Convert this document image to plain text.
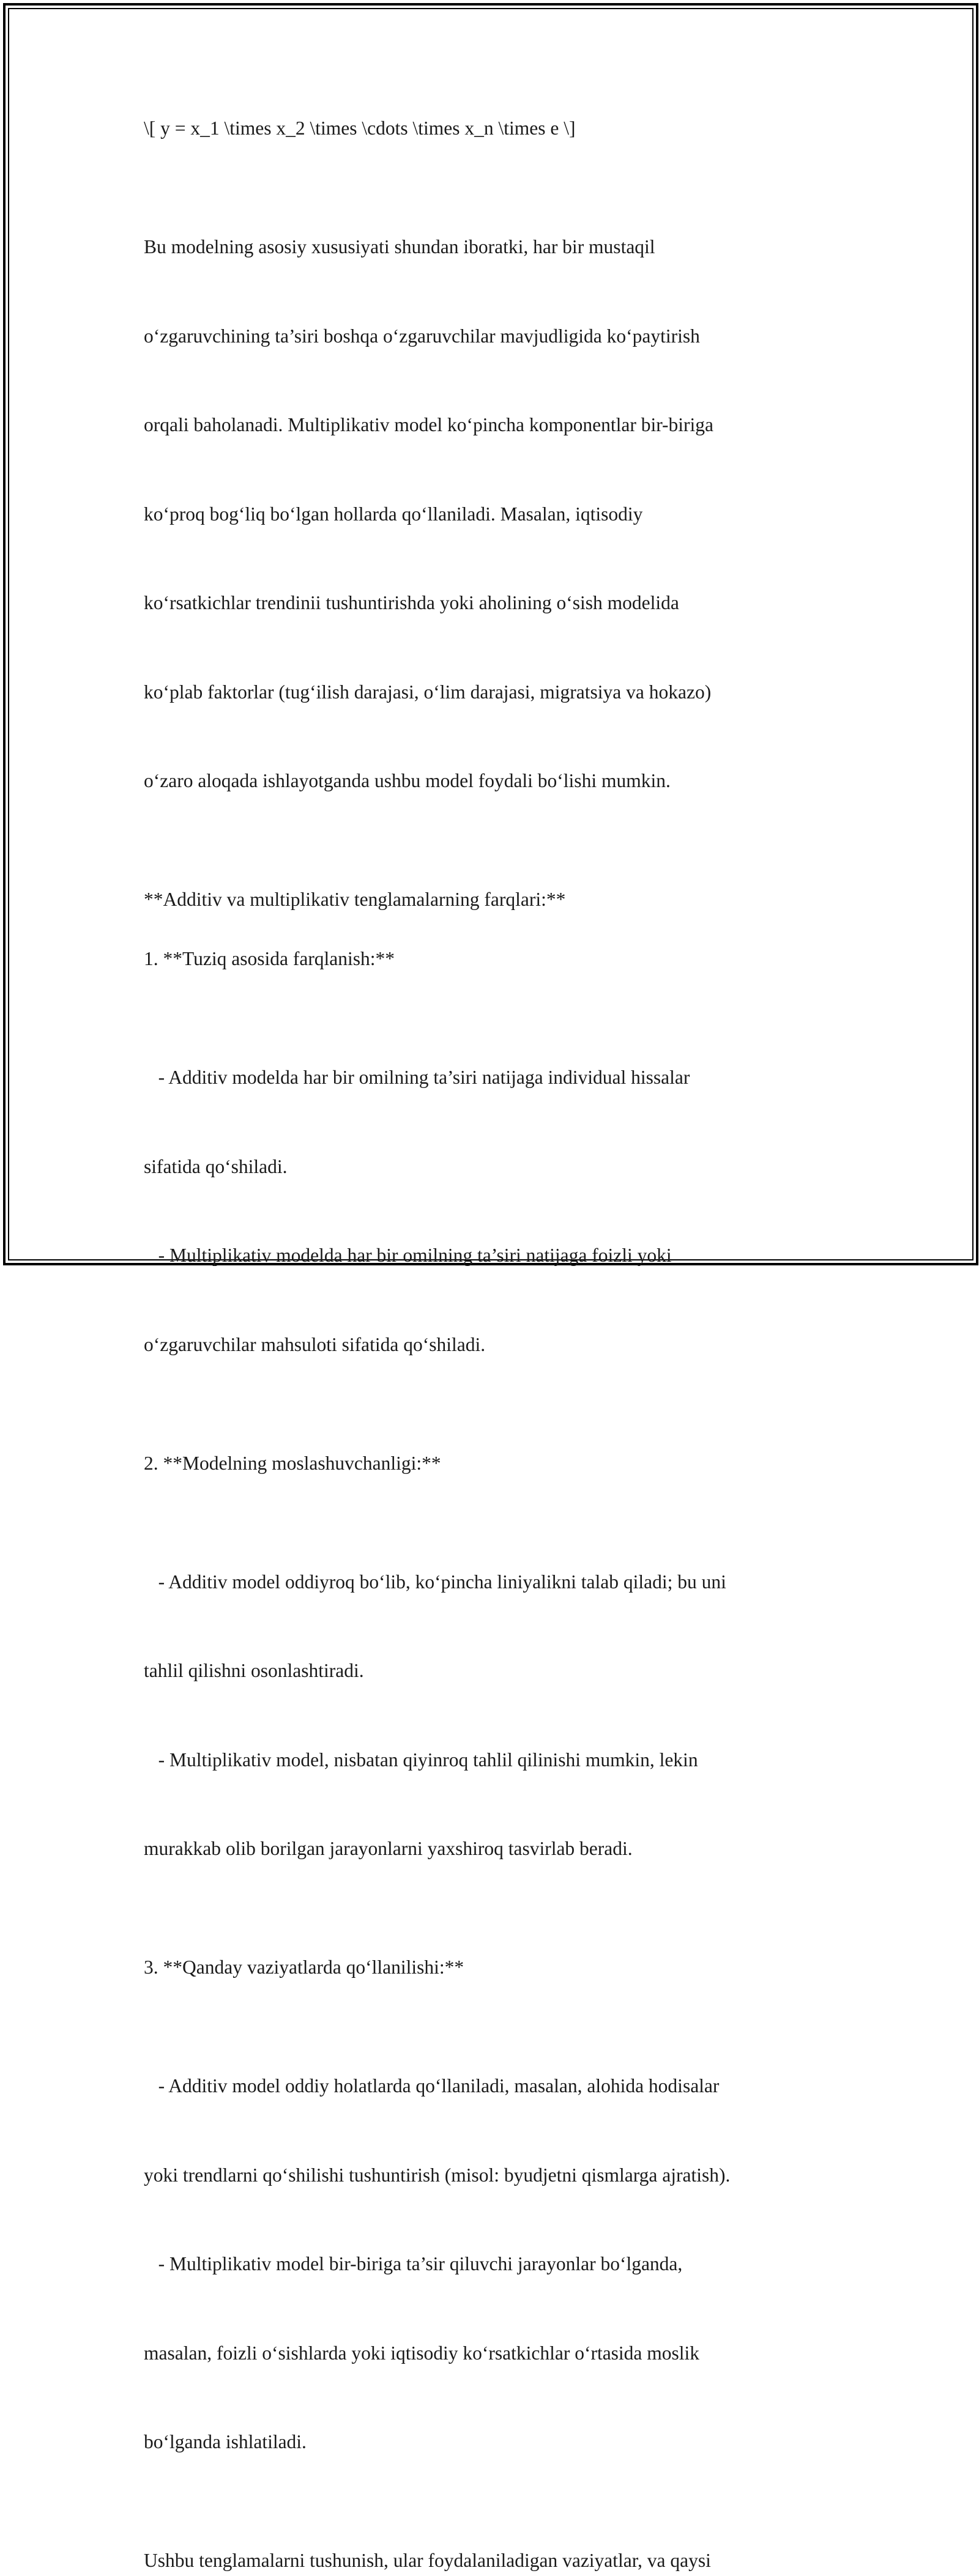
\[ y = x_1 \times x_2 \times \cdots \times x_n \times e \]

Bu modelning asosiy xususiyati shundan iboratki, har bir mustaqil

o‘zgaruvchining ta’siri boshqa o‘zgaruvchilar mavjudligida ko‘paytirish

orqali baholanadi. Multiplikativ model ko‘pincha komponentlar bir-biriga

ko‘proq bog‘liq bo‘lgan hollarda qo‘llaniladi. Masalan, iqtisodiy

ko‘rsatkichlar trendinii tushuntirishda yoki aholining o‘sish modelida

ko‘plab faktorlar (tug‘ilish darajasi, o‘lim darajasi, migratsiya va hokazo)

o‘zaro aloqada ishlayotganda ushbu model foydali bo‘lishi mumkin.

**Additiv va multiplikativ tenglamalarning farqlari:**

1. **Tuziq asosida farqlanish:**

- Additiv modelda har bir omilning ta’siri natijaga individual hissalar

sifatida qo‘shiladi.

- Multiplikativ modelda har bir omilning ta’siri natijaga foizli yoki

o‘zgaruvchilar mahsuloti sifatida qo‘shiladi.

2. **Modelning moslashuvchanligi:**

- Additiv model oddiyroq bo‘lib, ko‘pincha liniyalikni talab qiladi; bu uni

tahlil qilishni osonlashtiradi.

- Multiplikativ model, nisbatan qiyinroq tahlil qilinishi mumkin, lekin

murakkab olib borilgan jarayonlarni yaxshiroq tasvirlab beradi.

3. **Qanday vaziyatlarda qo‘llanilishi:**

- Additiv model oddiy holatlarda qo‘llaniladi, masalan, alohida hodisalar

yoki trendlarni qo‘shilishi tushuntirish (misol: byudjetni qismlarga ajratish).

- Multiplikativ model bir-biriga ta’sir qiluvchi jarayonlar bo‘lganda,

masalan, foizli o‘sishlarda yoki iqtisodiy ko‘rsatkichlar o‘rtasida moslik

bo‘lganda ishlatiladi.

Ushbu tenglamalarni tushunish, ular foydalaniladigan vaziyatlar, va qaysi
